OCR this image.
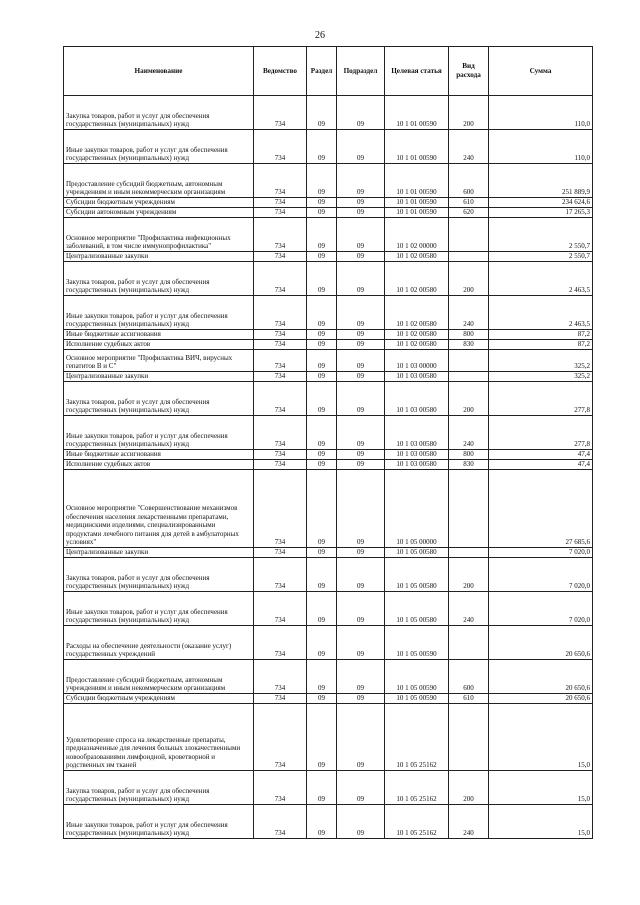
26
Наименование	Ведомство	Раздел	Подраздел	Целевая статья	Вид расхода	Сумма
Закупка товаров, работ и услуг для обеспечения государственных (муниципальных) нужд	734	09	09	10 1 01 00590	200	110,0
Иные закупки товаров, работ и услуг для обеспечения государственных (муниципальных) нужд	734	09	09	10 1 01 00590	240	110,0
Предоставление субсидий бюджетным, автономным учреждениям и иным некоммерческим организациям	734	09	09	10 1 01 00590	600	251 889,9
Субсидии бюджетным учреждениям	734	09	09	10 1 01 00590	610	234 624,6
Субсидии автономным учреждениям	734	09	09	10 1 01 00590	620	17 265,3
Основное мероприятие "Профилактика инфекционных заболеваний, в том числе иммунопрофилактика"	734	09	09	10 1 02 00000		2 550,7
Централизованные закупки	734	09	09	10 1 02 00580		2 550,7
Закупка товаров, работ и услуг для обеспечения государственных (муниципальных) нужд	734	09	09	10 1 02 00580	200	2 463,5
Иные закупки товаров, работ и услуг для обеспечения государственных (муниципальных) нужд	734	09	09	10 1 02 00580	240	2 463,5
Иные бюджетные ассигнования	734	09	09	10 1 02 00580	800	87,2
Исполнение судебных актов	734	09	09	10 1 02 00580	830	87,2
Основное мероприятие "Профилактика ВИЧ, вирусных гепатитов В и С"	734	09	09	10 1 03 00000		325,2
Централизованные закупки	734	09	09	10 1 03 00580		325,2
Закупка товаров, работ и услуг для обеспечения государственных (муниципальных) нужд	734	09	09	10 1 03 00580	200	277,8
Иные закупки товаров, работ и услуг для обеспечения государственных (муниципальных) нужд	734	09	09	10 1 03 00580	240	277,8
Иные бюджетные ассигнования	734	09	09	10 1 03 00580	800	47,4
Исполнение судебных актов	734	09	09	10 1 03 00580	830	47,4
Основное мероприятие "Совершенствование механизмов обеспечения населения лекарственными препаратами, медицинскими изделиями, специализированными продуктами лечебного питания для детей в амбулаторных условиях"	734	09	09	10 1 05 00000		27 685,6
Централизованные закупки	734	09	09	10 1 05 00580		7 020,0
Закупка товаров, работ и услуг для обеспечения государственных (муниципальных) нужд	734	09	09	10 1 05 00580	200	7 020,0
Иные закупки товаров, работ и услуг для обеспечения государственных (муниципальных) нужд	734	09	09	10 1 05 00580	240	7 020,0
Расходы на обеспечение деятельности (оказание услуг) государственных учреждений	734	09	09	10 1 05 00590		20 650,6
Предоставление субсидий бюджетным, автономным учреждениям и иным некоммерческим организациям	734	09	09	10 1 05 00590	600	20 650,6
Субсидии бюджетным учреждениям	734	09	09	10 1 05 00590	610	20 650,6
Удовлетворение спроса на лекарственные препараты, предназначенные для лечения больных злокачественными новообразованиями лимфоидной, кроветворной и родственных им тканей	734	09	09	10 1 05 25162		15,0
Закупка товаров, работ и услуг для обеспечения государственных (муниципальных) нужд	734	09	09	10 1 05 25162	200	15,0
Иные закупки товаров, работ и услуг для обеспечения государственных (муниципальных) нужд	734	09	09	10 1 05 25162	240	15,0
